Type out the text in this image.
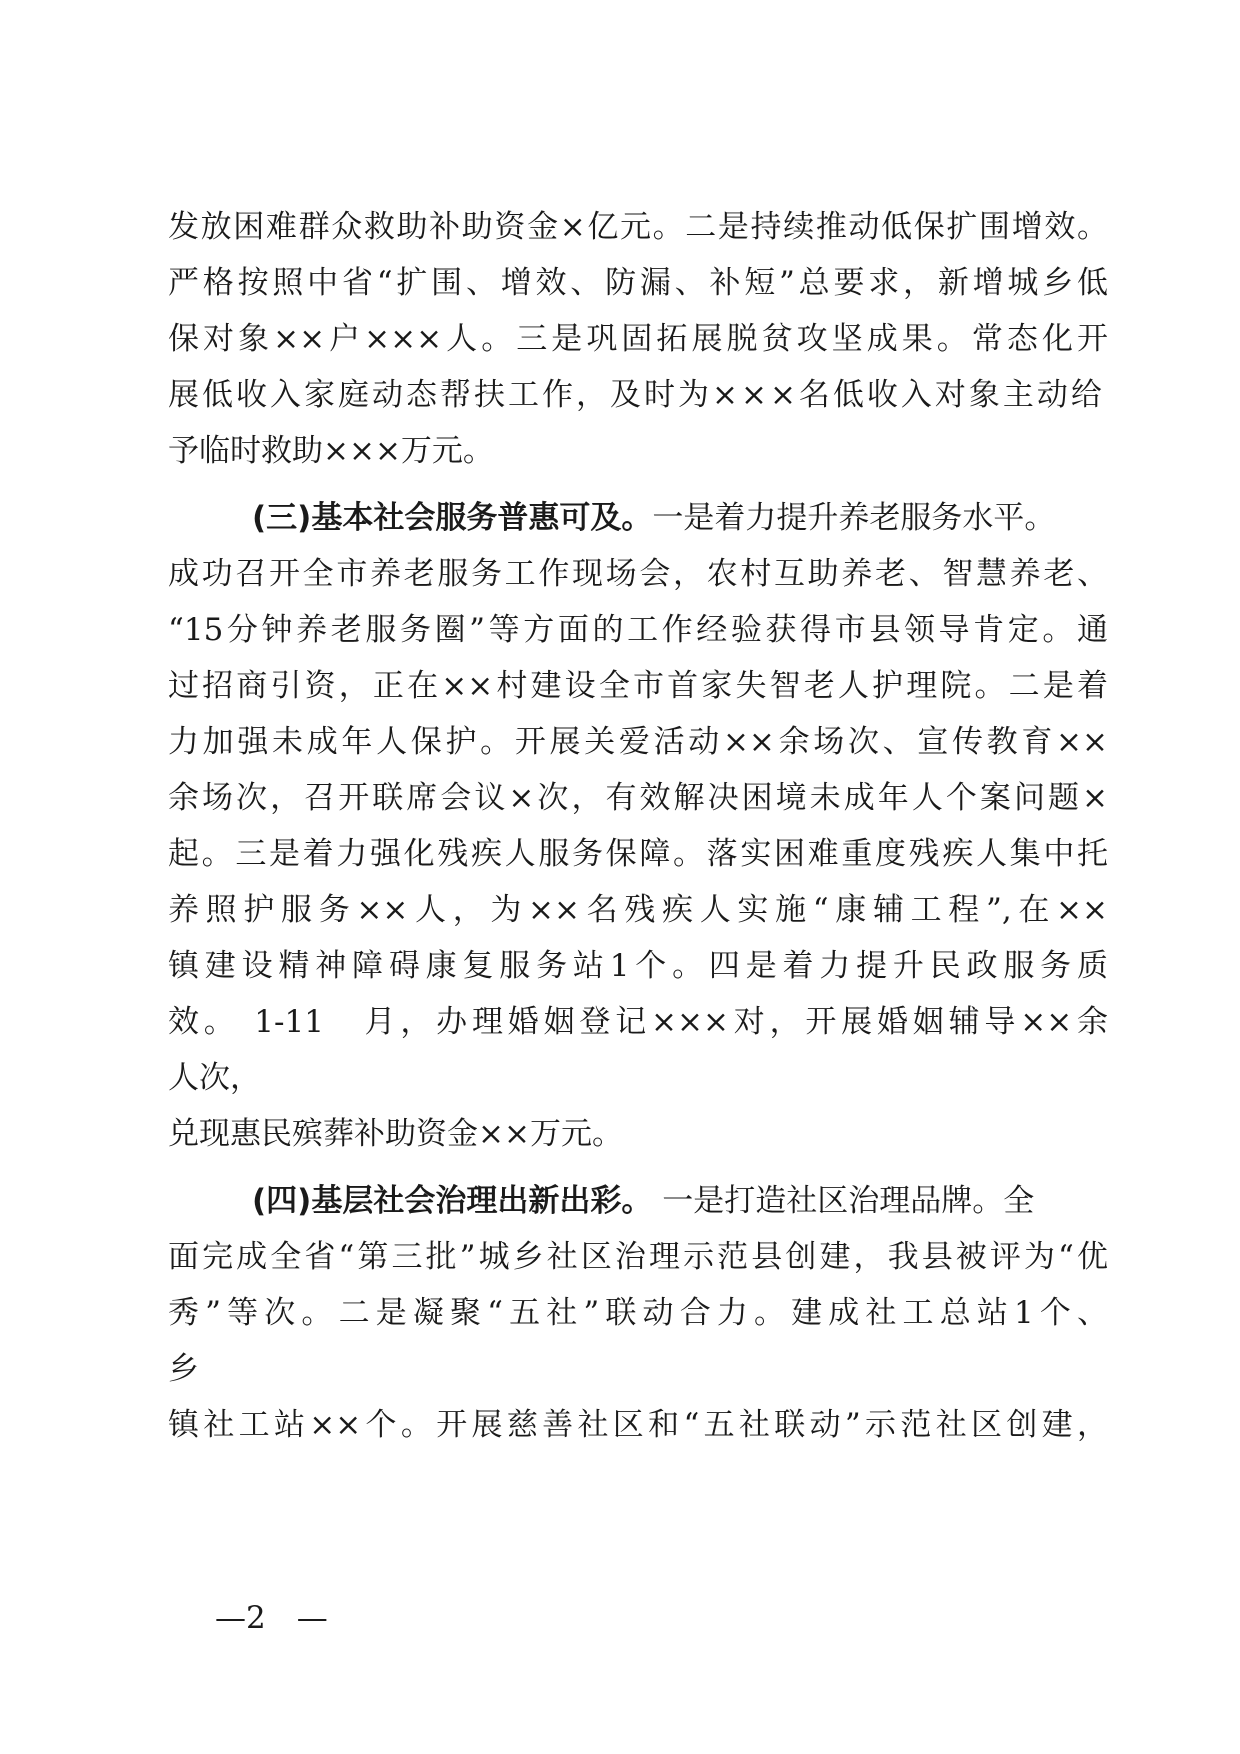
发放困难群众救助补助资金×亿元。二是持续推动低保扩围增效。
严格按照中省“扩围、增效、防漏、补短”总要求，新增城乡低
保对象××户×××人。三是巩固拓展脱贫攻坚成果。常态化开
展低收入家庭动态帮扶工作，及时为×××名低收入对象主动给
予临时救助×××万元。
(三)基本社会服务普惠可及。一是着力提升养老服务水平。
成功召开全市养老服务工作现场会，农村互助养老、智慧养老、
“15分钟养老服务圈”等方面的工作经验获得市县领导肯定。通
过招商引资，正在××村建设全市首家失智老人护理院。二是着
力加强未成年人保护。开展关爱活动××余场次、宣传教育××
余场次，召开联席会议×次，有效解决困境未成年人个案问题×
起。三是着力强化残疾人服务保障。落实困难重度残疾人集中托
养照护服务××人，为××名残疾人实施“康辅工程”,在××
镇建设精神障碍康复服务站1个。四是着力提升民政服务质
效。 1-11　月，办理婚姻登记×××对，开展婚姻辅导××余
人次，
兑现惠民殡葬补助资金××万元。
(四)基层社会治理出新出彩。 一是打造社区治理品牌。全
面完成全省“第三批”城乡社区治理示范县创建，我县被评为“优
秀”等次。二是凝聚“五社”联动合力。建成社工总站1个、
乡
镇社工站××个。开展慈善社区和“五社联动”示范社区创建，
—2　—
